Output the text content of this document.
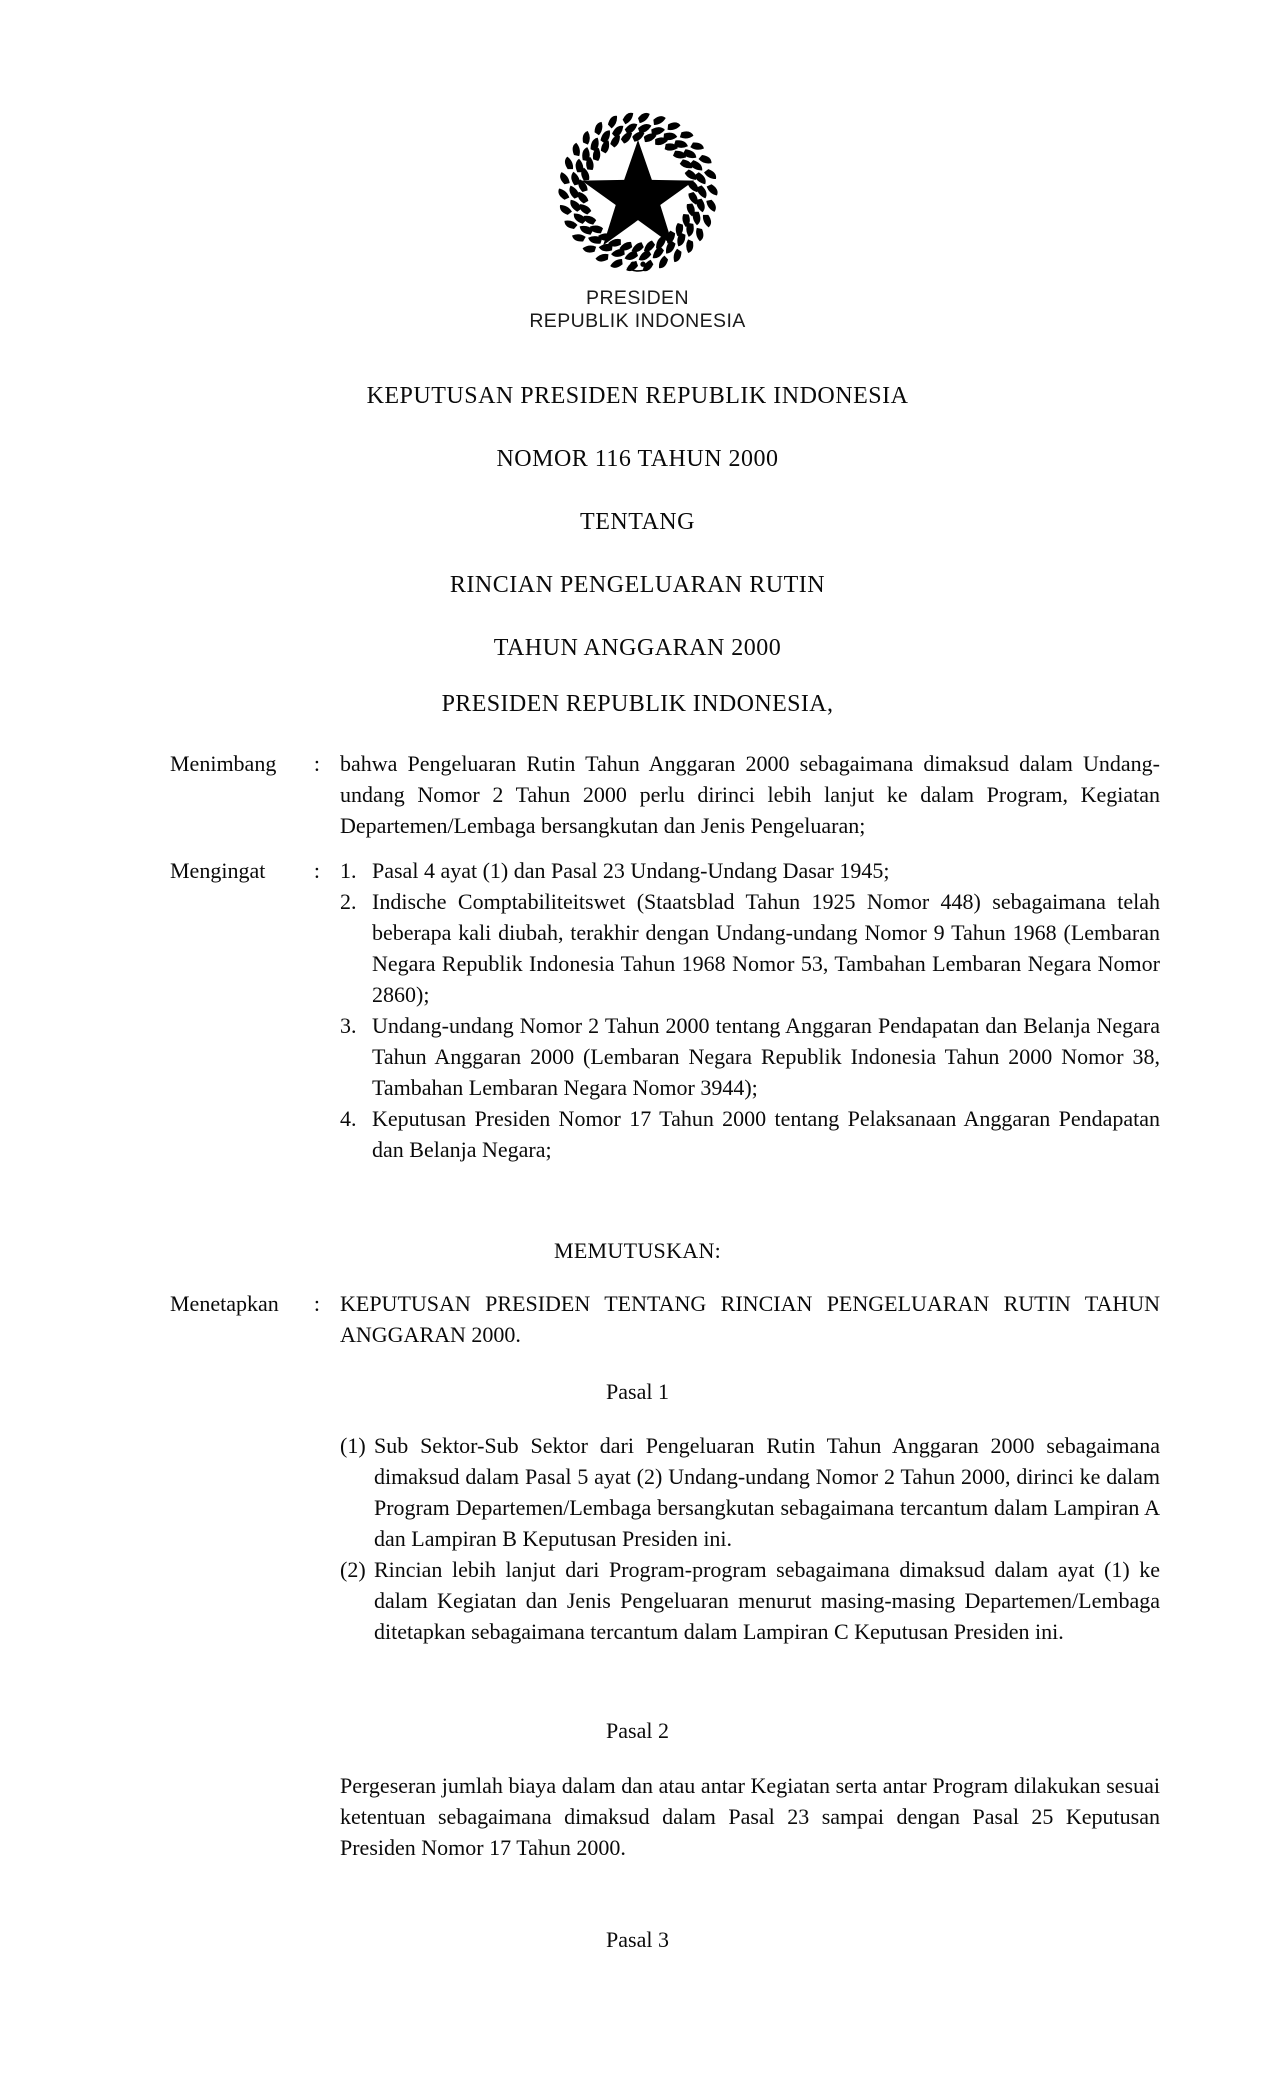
PRESIDEN
REPUBLIK INDONESIA
KEPUTUSAN PRESIDEN REPUBLIK INDONESIA
NOMOR 116 TAHUN 2000
TENTANG
RINCIAN PENGELUARAN RUTIN
TAHUN ANGGARAN 2000
PRESIDEN REPUBLIK INDONESIA,
Menimbang	: bahwa Pengeluaran Rutin Tahun Anggaran 2000 sebagaimana dimaksud dalam Undang-undang Nomor 2 Tahun 2000 perlu dirinci lebih lanjut ke dalam Program, Kegiatan Departemen/Lembaga bersangkutan dan Jenis Pengeluaran;

Mengingat	:	Pasal 4 ayat (1) dan Pasal 23 Undang-Undang Dasar 1945;
Indische Comptabiliteitswet (Staatsblad Tahun 1925 Nomor 448) sebagaimana telah beberapa kali diubah, terakhir dengan Undang-undang Nomor 9 Tahun 1968 (Lembaran Negara Republik Indonesia Tahun 1968 Nomor 53, Tambahan Lembaran Negara Nomor 2860);
Undang-undang Nomor 2 Tahun 2000 tentang Anggaran Pendapatan dan Belanja Negara Tahun Anggaran 2000 (Lembaran Negara Republik Indonesia Tahun 2000 Nomor 38, Tambahan Lembaran Negara Nomor 3944);
Keputusan Presiden Nomor 17 Tahun 2000 tentang Pelaksanaan Anggaran Pendapatan dan Belanja Negara;
MEMUTUSKAN:
Menetapkan	: KEPUTUSAN PRESIDEN TENTANG RINCIAN PENGELUARAN RUTIN TAHUN ANGGARAN 2000.

Pasal 1
Sub Sektor-Sub Sektor dari Pengeluaran Rutin Tahun Anggaran 2000 sebagaimana dimaksud dalam Pasal 5 ayat (2) Undang-undang Nomor 2 Tahun 2000, dirinci ke dalam Program Departemen/Lembaga bersangkutan sebagaimana tercantum dalam Lampiran A dan Lampiran B Keputusan Presiden ini.
Rincian lebih lanjut dari Program-program sebagaimana dimaksud dalam ayat (1) ke dalam Kegiatan dan Jenis Pengeluaran menurut masing-masing Departemen/Lembaga ditetapkan sebagaimana tercantum dalam Lampiran C Keputusan Presiden ini.
Pasal 2

Pergeseran jumlah biaya dalam dan atau antar Kegiatan serta antar Program dilakukan sesuai ketentuan sebagaimana dimaksud dalam Pasal 23 sampai dengan Pasal 25 Keputusan Presiden Nomor 17 Tahun 2000.

Pasal 3
